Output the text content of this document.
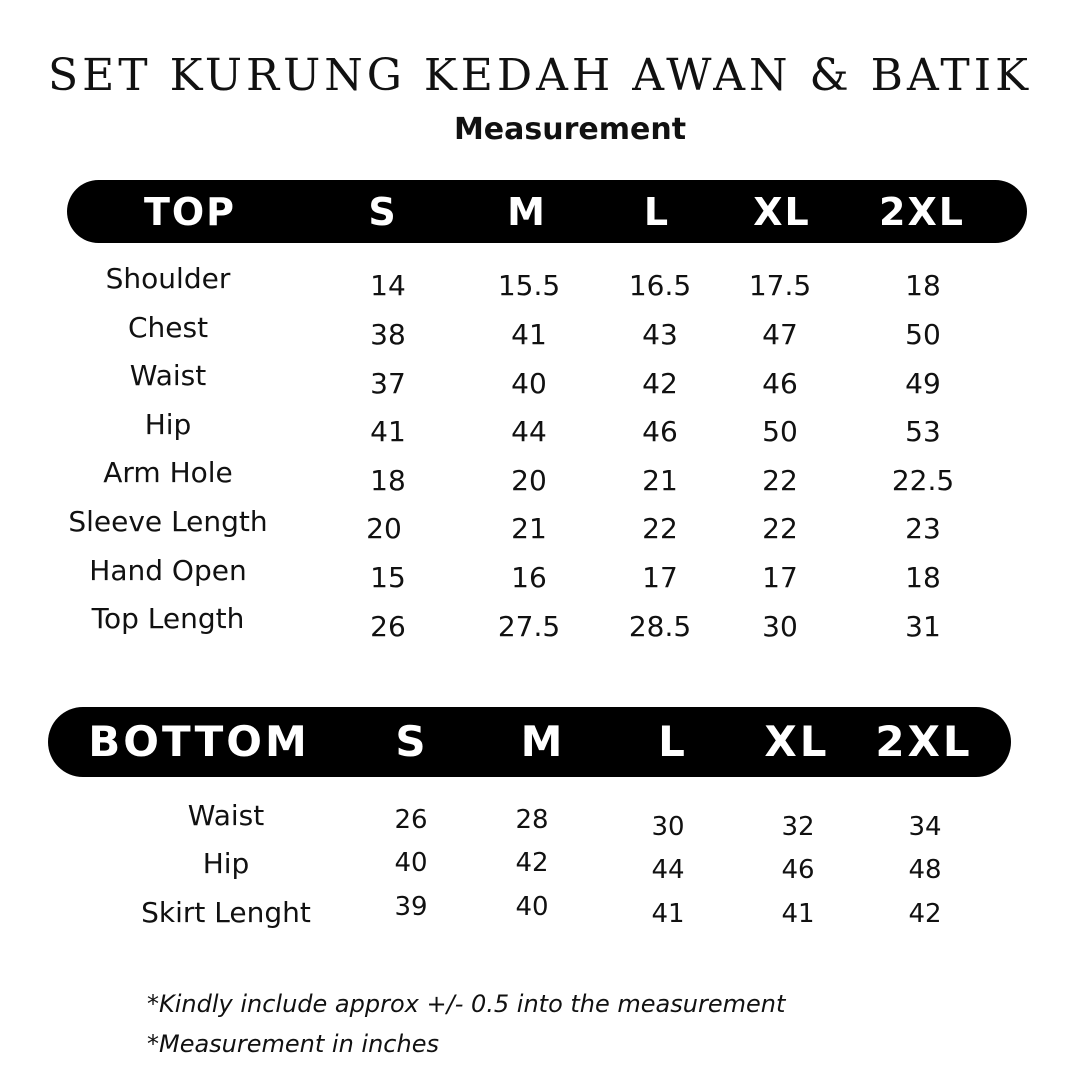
SET KURUNG KEDAH AWAN & BATIK
Measurement
TOP	S	M	L XL 2XL
Shoulder	14	15.5 16.5 17.5	18
Chest	38	41	43	47	50
Waist	37	40	42	46	49
Hip	41	44	46	50	53
Arm Hole	18	20	21	22	22.5
Sleeve Length	20	21	22	22	23
Hand Open	15	16	17	17	18
Top Length	26	27.5 28.5	30	31
BOTTOM S M L XL 2XL
Waist	26	28	30	32	34
Hip	40	42	44	46	48
Skirt Lenght	39	40	41	41	42
*Kindly include approx +/- 0.5 into the measurement
*Measurement in inches
